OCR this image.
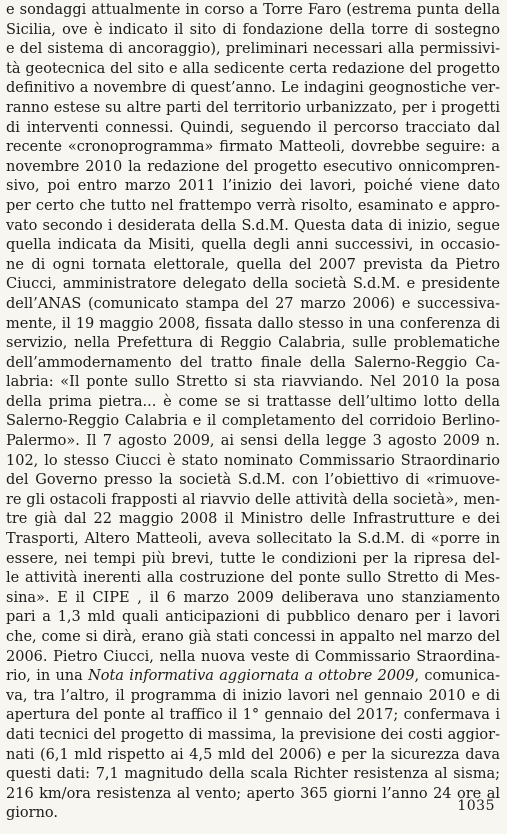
e sondaggi attualmente in corso a Torre Faro (estrema punta della
Sicilia, ove è indicato il sito di fondazione della torre di sostegno
e del sistema di ancoraggio), preliminari necessari alla permissivi-
tà geotecnica del sito e alla sedicente certa redazione del progetto
definitivo a novembre di quest’anno. Le indagini geognostiche ver-
ranno estese su altre parti del territorio urbanizzato, per i progetti
di interventi connessi. Quindi, seguendo il percorso tracciato dal
recente «cronoprogramma» firmato Matteoli, dovrebbe seguire: a
novembre 2010 la redazione del progetto esecutivo onnicompren-
sivo, poi entro marzo 2011 l’inizio dei lavori, poiché viene dato
per certo che tutto nel frattempo verrà risolto, esaminato e appro-
vato secondo i desiderata della S.d.M. Questa data di inizio, segue
quella indicata da Misiti, quella degli anni successivi, in occasio-
ne di ogni tornata elettorale, quella del 2007 prevista da Pietro
Ciucci, amministratore delegato della società S.d.M. e presidente
dell’ANAS (comunicato stampa del 27 marzo 2006) e successiva-
mente, il 19 maggio 2008, fissata dallo stesso in una conferenza di
servizio, nella Prefettura di Reggio Calabria, sulle problematiche
dell’ammodernamento del tratto finale della Salerno-Reggio Ca-
labria: «Il ponte sullo Stretto si sta riavviando. Nel 2010 la posa
della prima pietra... è come se si trattasse dell’ultimo lotto della
Salerno-Reggio Calabria e il completamento del corridoio Berlino-
Palermo». Il 7 agosto 2009, ai sensi della legge 3 agosto 2009 n.
102, lo stesso Ciucci è stato nominato Commissario Straordinario
del Governo presso la società S.d.M. con l’obiettivo di «rimuove-
re gli ostacoli frapposti al riavvio delle attività della società», men-
tre già dal 22 maggio 2008 il Ministro delle Infrastrutture e dei
Trasporti, Altero Matteoli, aveva sollecitato la S.d.M. di «porre in
essere, nei tempi più brevi, tutte le condizioni per la ripresa del-
le attività inerenti alla costruzione del ponte sullo Stretto di Mes-
sina». E il CIPE , il 6 marzo 2009 deliberava uno stanziamento
pari a 1,3 mld quali anticipazioni di pubblico denaro per i lavori
che, come si dirà, erano già stati concessi in appalto nel marzo del
2006. Pietro Ciucci, nella nuova veste di Commissario Straordina-
rio, in una Nota informativa aggiornata a ottobre 2009, comunica-
va, tra l’altro, il programma di inizio lavori nel gennaio 2010 e di
apertura del ponte al traffico il 1° gennaio del 2017; confermava i
dati tecnici del progetto di massima, la previsione dei costi aggior-
nati (6,1 mld rispetto ai 4,5 mld del 2006) e per la sicurezza dava
questi dati: 7,1 magnitudo della scala Richter resistenza al sisma;
216 km/ora resistenza al vento; aperto 365 giorni l’anno 24 ore al
giorno.	1035
